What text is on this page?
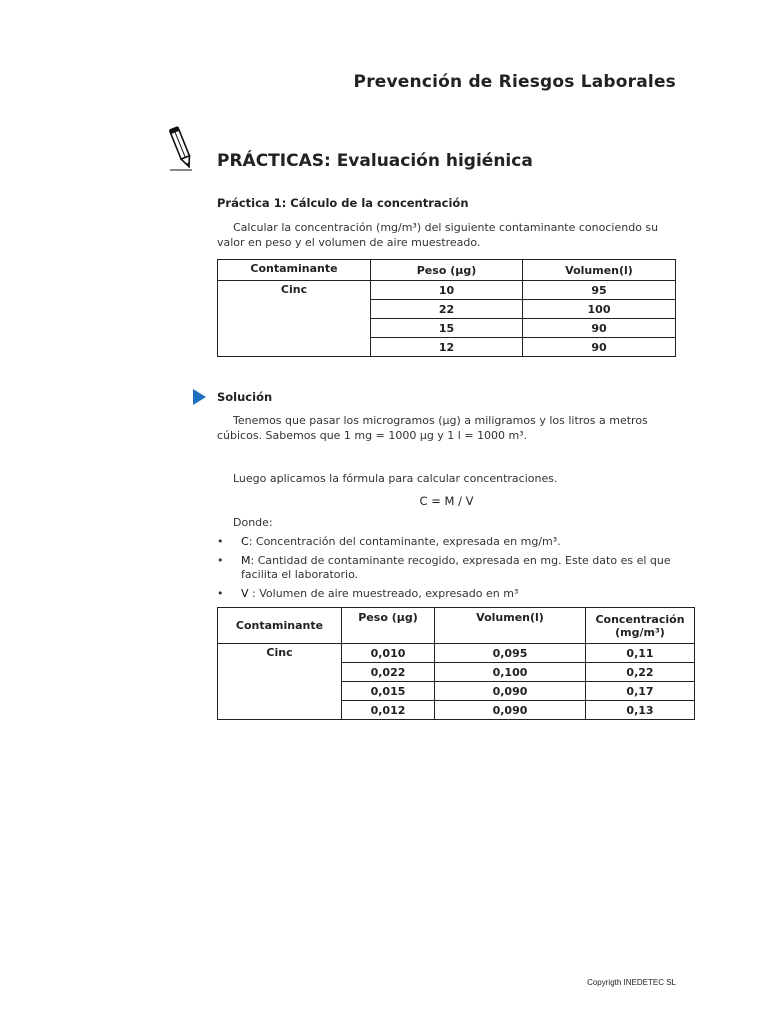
Prevención de Riesgos Laborales
PRÁCTICAS: Evaluación higiénica
Práctica 1: Cálculo de la concentración
Calcular la concentración (mg/m³) del siguiente contaminante conociendo su valor en peso y el volumen de aire muestreado.
Contaminante	Peso (µg)	Volumen(l)
Cinc	10	95
	22	100
	15	90
	12	90
Solución
Tenemos que pasar los microgramos (µg) a miligramos y los litros a metros cúbicos. Sabemos que 1 mg = 1000 µg y 1 l = 1000 m³.
Luego aplicamos la fórmula para calcular concentraciones.
C = M / V
Donde:
• C: Concentración del contaminante, expresada en mg/m³.
• M: Cantidad de contaminante recogido, expresada en mg. Este dato es el que facilita el laboratorio.
• V : Volumen de aire muestreado, expresado en m³
Contaminante	Peso (µg)	Volumen(l)	Concentración
(mg/m³)

Cinc	0,010	0,095	0,11
	0,022	0,100	0,22
	0,015	0,090	0,17
	0,012	0,090	0,13
Copyrigth INEDETEC SL
